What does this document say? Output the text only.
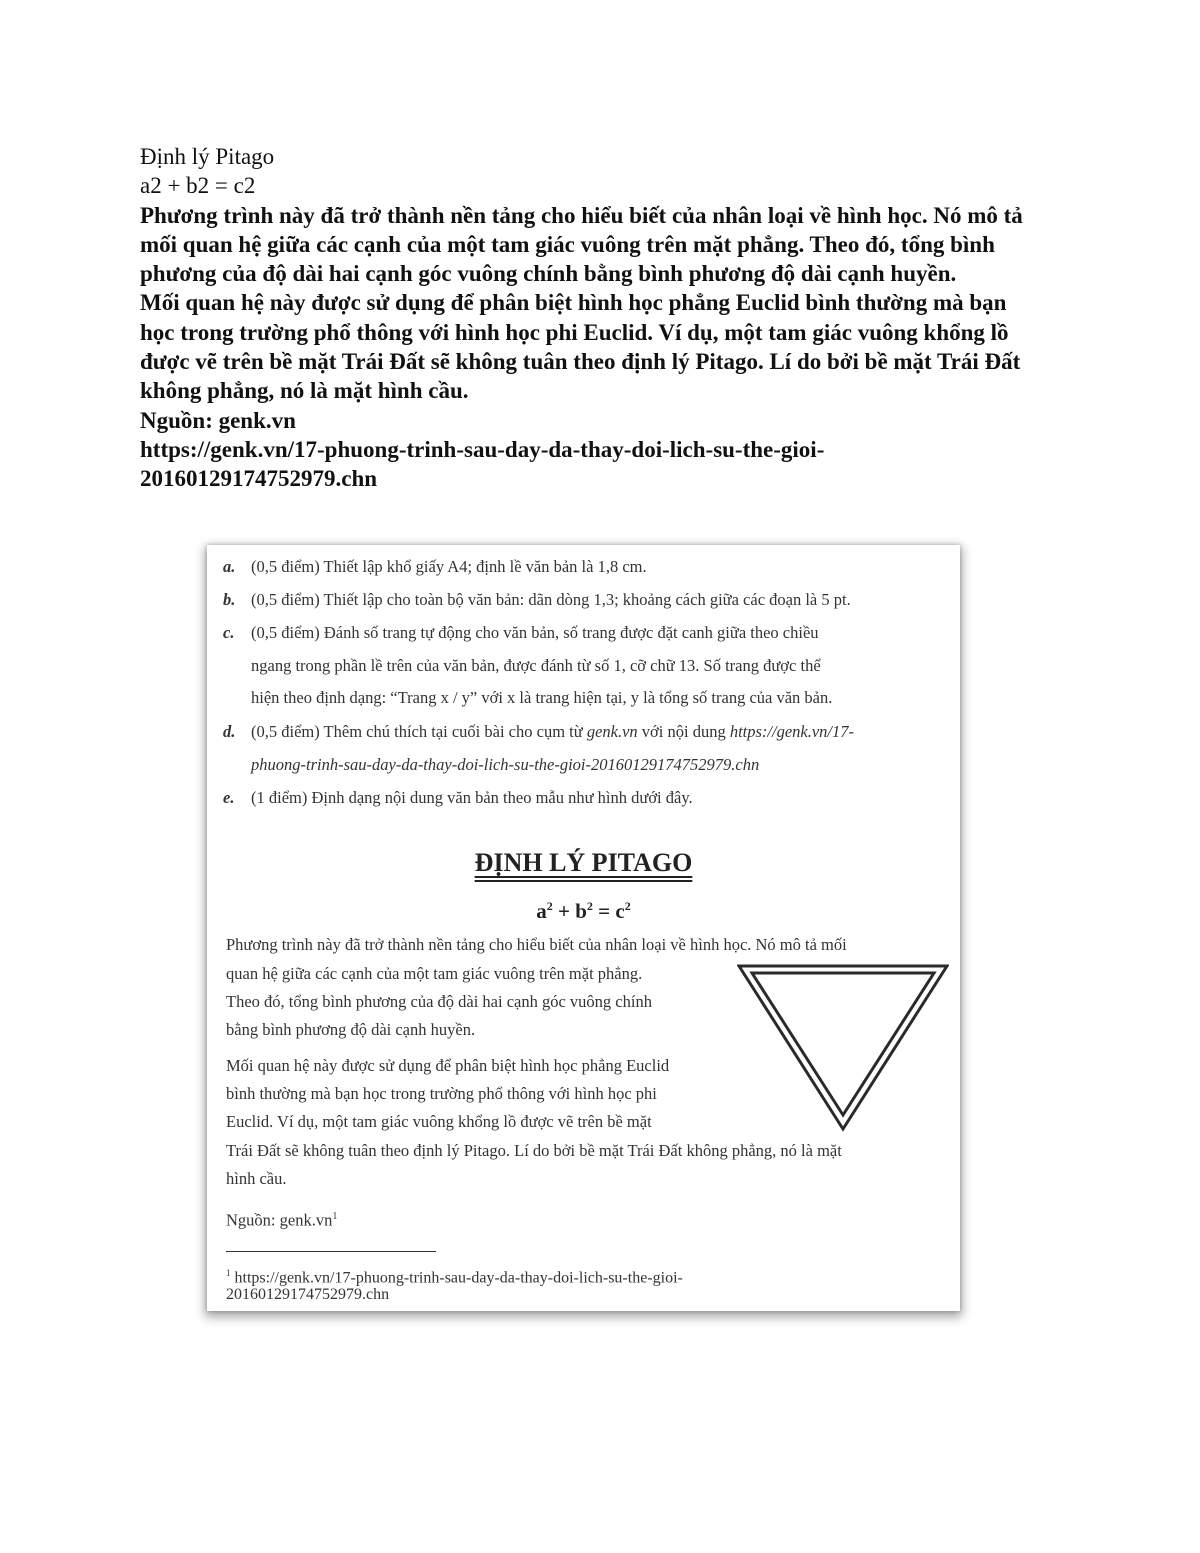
Định lý Pitago
a2 + b2 = c2
Phương trình này đã trở thành nền tảng cho hiểu biết của nhân loại về hình học. Nó mô tả
mối quan hệ giữa các cạnh của một tam giác vuông trên mặt phẳng. Theo đó, tổng bình
phương của độ dài hai cạnh góc vuông chính bằng bình phương độ dài cạnh huyền.
Mối quan hệ này được sử dụng để phân biệt hình học phẳng Euclid bình thường mà bạn
học trong trường phổ thông với hình học phi Euclid. Ví dụ, một tam giác vuông khổng lồ
được vẽ trên bề mặt Trái Đất sẽ không tuân theo định lý Pitago. Lí do bởi bề mặt Trái Đất
không phẳng, nó là mặt hình cầu.
Nguồn: genk.vn
https://genk.vn/17-phuong-trinh-sau-day-da-thay-doi-lich-su-the-gioi-
20160129174752979.chn
a. (0,5 điểm) Thiết lập khổ giấy A4; định lề văn bản là 1,8 cm.
b. (0,5 điểm) Thiết lập cho toàn bộ văn bản: dãn dòng 1,3; khoảng cách giữa các đoạn là 5 pt.
c. (0,5 điểm) Đánh số trang tự động cho văn bản, số trang được đặt canh giữa theo chiều
ngang trong phần lề trên của văn bản, được đánh từ số 1, cỡ chữ 13. Số trang được thể
hiện theo định dạng: “Trang x / y” với x là trang hiện tại, y là tổng số trang của văn bản.
d. (0,5 điểm) Thêm chú thích tại cuối bài cho cụm từ genk.vn với nội dung https://genk.vn/17-
phuong-trinh-sau-day-da-thay-doi-lich-su-the-gioi-20160129174752979.chn
e. (1 điểm) Định dạng nội dung văn bản theo mẫu như hình dưới đây.
ĐỊNH LÝ PITAGO
$a^2 + b^2 = c^2$
Phương trình này đã trở thành nền tảng cho hiểu biết của nhân loại về hình học. Nó mô tả mối
quan hệ giữa các cạnh của một tam giác vuông trên mặt phẳng.
Theo đó, tổng bình phương của độ dài hai cạnh góc vuông chính
bằng bình phương độ dài cạnh huyền.
Mối quan hệ này được sử dụng để phân biệt hình học phẳng Euclid
bình thường mà bạn học trong trường phổ thông với hình học phi
Euclid. Ví dụ, một tam giác vuông khổng lồ được vẽ trên bề mặt
Trái Đất sẽ không tuân theo định lý Pitago. Lí do bởi bề mặt Trái Đất không phẳng, nó là mặt
hình cầu.
Nguồn: $genk.vn^1$
$^1$ https://genk.vn/17-phuong-trinh-sau-day-da-thay-doi-lich-su-the-gioi-
20160129174752979.chn
